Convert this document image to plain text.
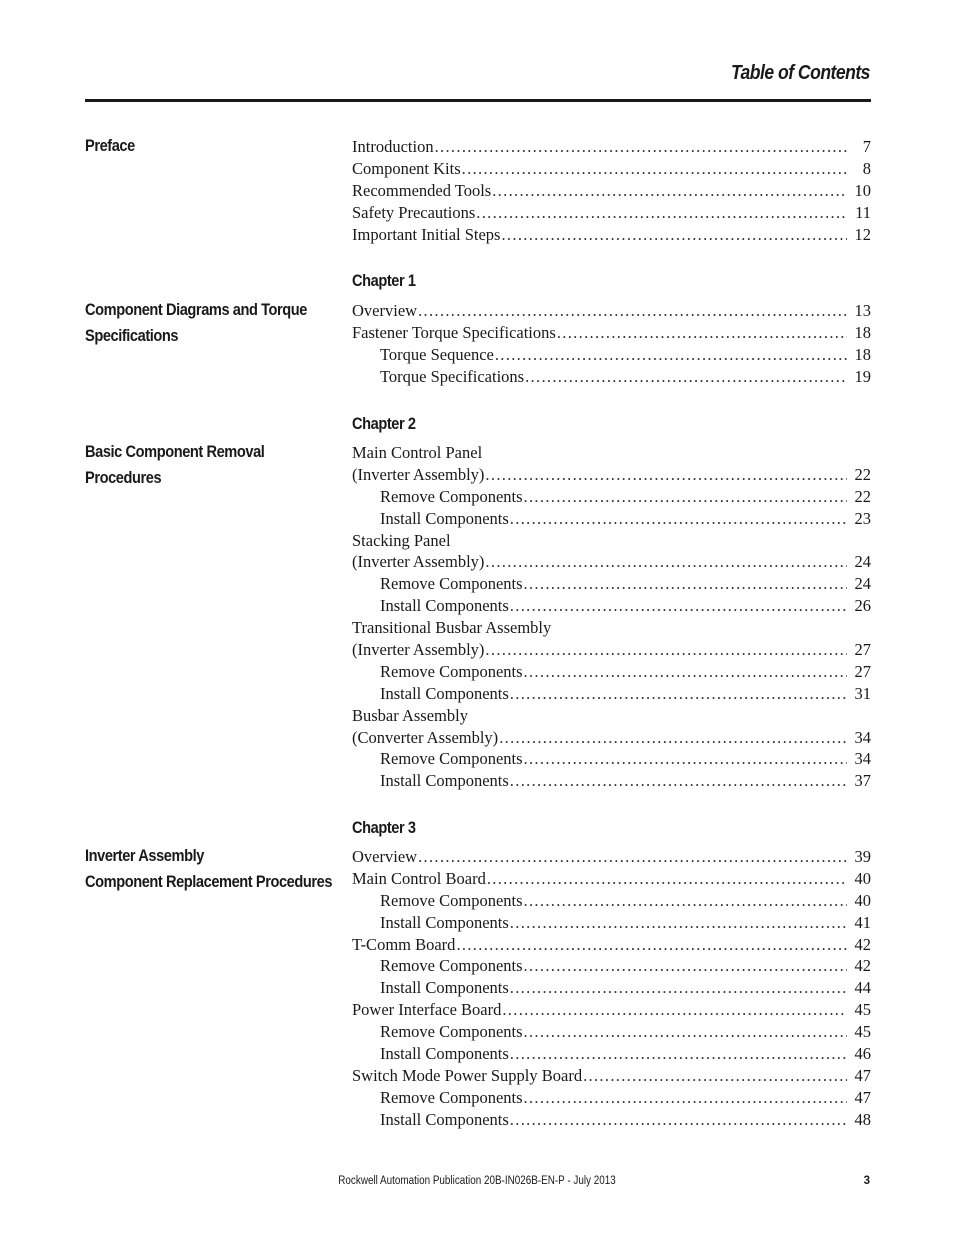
Table of Contents
Preface	Introduction . . .	7
Component Kits . . .	8
Recommended Tools . . .	10
Safety Precautions . . .	11
Important Initial Steps . . .	12
Chapter 1
Component Diagrams and Torque
Specifications
Overview . . .	13
Fastener Torque Specifications . . .	18
Torque Sequence . . .	18
Torque Specifications . . .	19
Chapter 2
Basic Component Removal
Procedures
Main Control Panel
(Inverter Assembly) . . .	22
Remove Components . . .	22
Install Components . . .	23
Stacking Panel
(Inverter Assembly) . . .	24
Remove Components . . .	24
Install Components . . .	26
Transitional Busbar Assembly
(Inverter Assembly) . . .	27
Remove Components . . .	27
Install Components . . .	31
Busbar Assembly
(Converter Assembly) . . .	34
Remove Components . . .	34
Install Components . . .	37
Chapter 3
Inverter Assembly
Component Replacement Procedures
Overview . . .	39
Main Control Board . . .	40
Remove Components . . .	40
Install Components . . .	41
T-Comm Board . . .	42
Remove Components . . .	42
Install Components . . .	44
Power Interface Board . . .	45
Remove Components . . .	45
Install Components . . .	46
Switch Mode Power Supply Board . . .	47
Remove Components . . .	47
Install Components . . .	48
Rockwell Automation Publication 20B-IN026B-EN-P - July 2013	3
